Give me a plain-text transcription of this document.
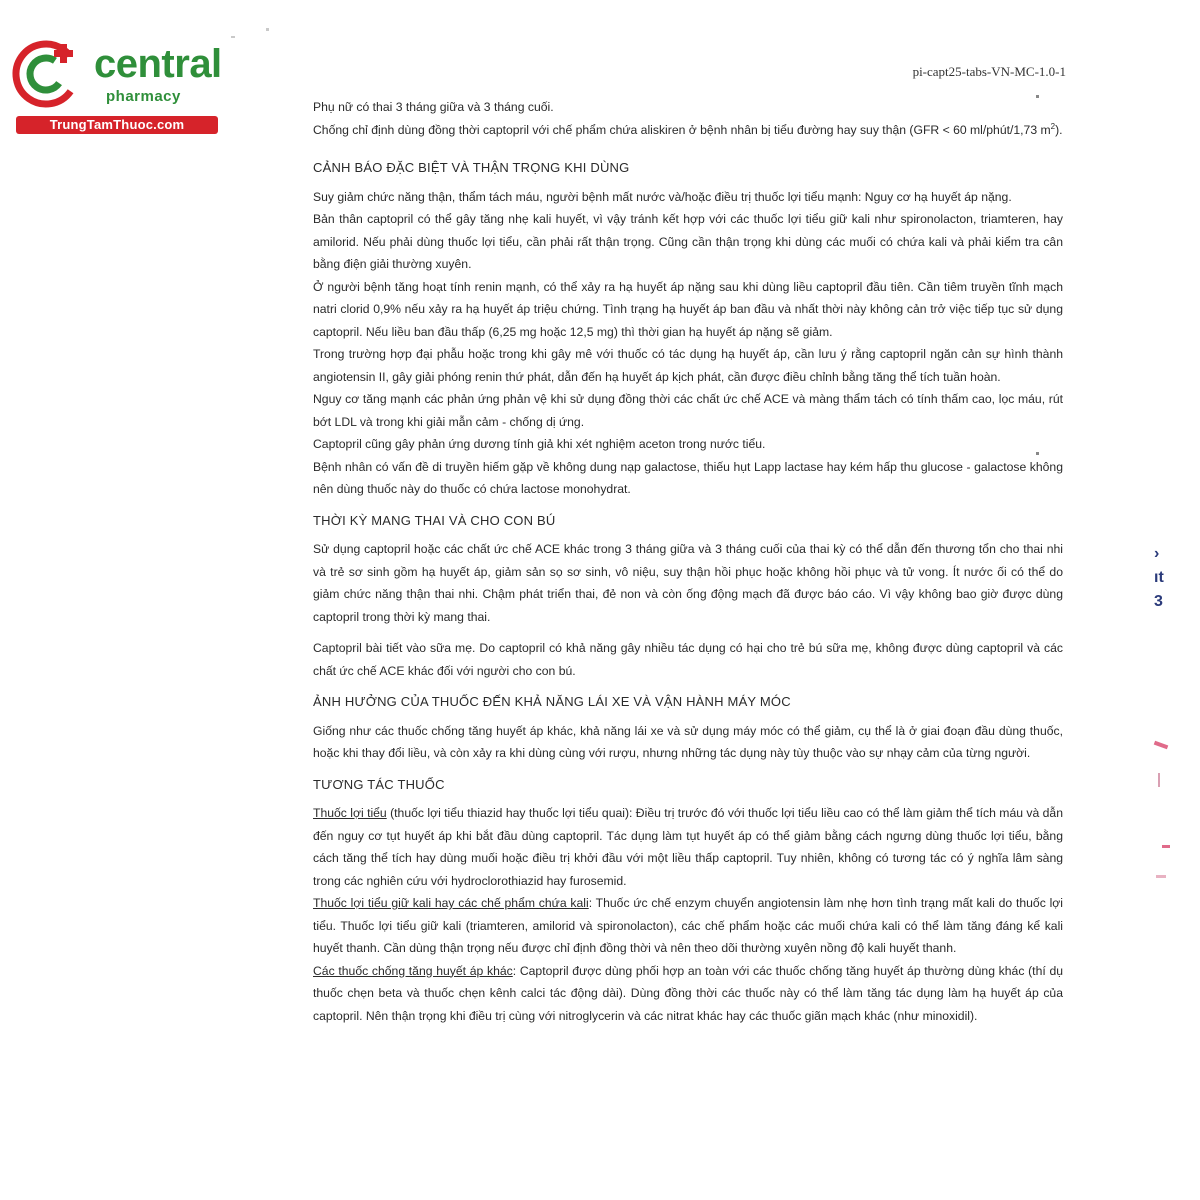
central
pharmacy
TrungTamThuoc.com
pi-capt25-tabs-VN-MC-1.0-1

Phụ nữ có thai 3 tháng giữa và 3 tháng cuối.

Chống chỉ định dùng đồng thời captopril với chế phẩm chứa aliskiren ở bệnh nhân bị tiểu đường hay suy thận (GFR < 60 ml/phút/1,73 $m^2$).

CẢNH BÁO ĐẶC BIỆT VÀ THẬN TRỌNG KHI DÙNG

Suy giảm chức năng thận, thẩm tách máu, người bệnh mất nước và/hoặc điều trị thuốc lợi tiểu mạnh: Nguy cơ hạ huyết áp nặng.

Bản thân captopril có thể gây tăng nhẹ kali huyết, vì vậy tránh kết hợp với các thuốc lợi tiểu giữ kali như spironolacton, triamteren, hay amilorid. Nếu phải dùng thuốc lợi tiểu, cần phải rất thận trọng. Cũng cần thận trọng khi dùng các muối có chứa kali và phải kiểm tra cân bằng điện giải thường xuyên.

Ở người bệnh tăng hoạt tính renin mạnh, có thể xảy ra hạ huyết áp nặng sau khi dùng liều captopril đầu tiên. Cần tiêm truyền tĩnh mạch natri clorid 0,9% nếu xảy ra hạ huyết áp triệu chứng. Tình trạng hạ huyết áp ban đầu và nhất thời này không cản trở việc tiếp tục sử dụng captopril. Nếu liều ban đầu thấp (6,25 mg hoặc 12,5 mg) thì thời gian hạ huyết áp nặng sẽ giảm.

Trong trường hợp đại phẫu hoặc trong khi gây mê với thuốc có tác dụng hạ huyết áp, cần lưu ý rằng captopril ngăn cản sự hình thành angiotensin II, gây giải phóng renin thứ phát, dẫn đến hạ huyết áp kịch phát, cần được điều chỉnh bằng tăng thể tích tuần hoàn.

Nguy cơ tăng mạnh các phản ứng phản vệ khi sử dụng đồng thời các chất ức chế ACE và màng thẩm tách có tính thấm cao, lọc máu, rút bớt LDL và trong khi giải mẫn cảm - chống dị ứng.

Captopril cũng gây phản ứng dương tính giả khi xét nghiệm aceton trong nước tiểu.

Bệnh nhân có vấn đề di truyền hiếm gặp về không dung nạp galactose, thiếu hụt Lapp lactase hay kém hấp thu glucose - galactose không nên dùng thuốc này do thuốc có chứa lactose monohydrat.

THỜI KỲ MANG THAI VÀ CHO CON BÚ

Sử dụng captopril hoặc các chất ức chế ACE khác trong 3 tháng giữa và 3 tháng cuối của thai kỳ có thể dẫn đến thương tổn cho thai nhi và trẻ sơ sinh gồm hạ huyết áp, giảm sản sọ sơ sinh, vô niệu, suy thận hồi phục hoặc không hồi phục và tử vong. Ít nước ối có thể do giảm chức năng thận thai nhi. Chậm phát triển thai, đẻ non và còn ống động mạch đã được báo cáo. Vì vậy không bao giờ được dùng captopril trong thời kỳ mang thai.

Captopril bài tiết vào sữa mẹ. Do captopril có khả năng gây nhiều tác dụng có hại cho trẻ bú sữa mẹ, không được dùng captopril và các chất ức chế ACE khác đối với người cho con bú.

ẢNH HƯỞNG CỦA THUỐC ĐẾN KHẢ NĂNG LÁI XE VÀ VẬN HÀNH MÁY MÓC

Giống như các thuốc chống tăng huyết áp khác, khả năng lái xe và sử dụng máy móc có thể giảm, cụ thể là ở giai đoạn đầu dùng thuốc, hoặc khi thay đổi liều, và còn xảy ra khi dùng cùng với rượu, nhưng những tác dụng này tùy thuộc vào sự nhạy cảm của từng người.

TƯƠNG TÁC THUỐC

Thuốc lợi tiểu (thuốc lợi tiểu thiazid hay thuốc lợi tiểu quai): Điều trị trước đó với thuốc lợi tiểu liều cao có thể làm giảm thể tích máu và dẫn đến nguy cơ tụt huyết áp khi bắt đầu dùng captopril. Tác dụng làm tụt huyết áp có thể giảm bằng cách ngưng dùng thuốc lợi tiểu, bằng cách tăng thể tích hay dùng muối hoặc điều trị khởi đầu với một liều thấp captopril. Tuy nhiên, không có tương tác có ý nghĩa lâm sàng trong các nghiên cứu với hydroclorothiazid hay furosemid.

Thuốc lợi tiểu giữ kali hay các chế phẩm chứa kali: Thuốc ức chế enzym chuyển angiotensin làm nhẹ hơn tình trạng mất kali do thuốc lợi tiểu. Thuốc lợi tiểu giữ kali (triamteren, amilorid và spironolacton), các chế phẩm hoặc các muối chứa kali có thể làm tăng đáng kể kali huyết thanh. Cần dùng thận trọng nếu được chỉ định đồng thời và nên theo dõi thường xuyên nồng độ kali huyết thanh.

Các thuốc chống tăng huyết áp khác: Captopril được dùng phối hợp an toàn với các thuốc chống tăng huyết áp thường dùng khác (thí dụ thuốc chẹn beta và thuốc chẹn kênh calci tác động dài). Dùng đồng thời các thuốc này có thể làm tăng tác dụng làm hạ huyết áp của captopril. Nên thận trọng khi điều trị cùng với nitroglycerin và các nitrat khác hay các thuốc giãn mạch khác (như minoxidil).

›
ıt
3
